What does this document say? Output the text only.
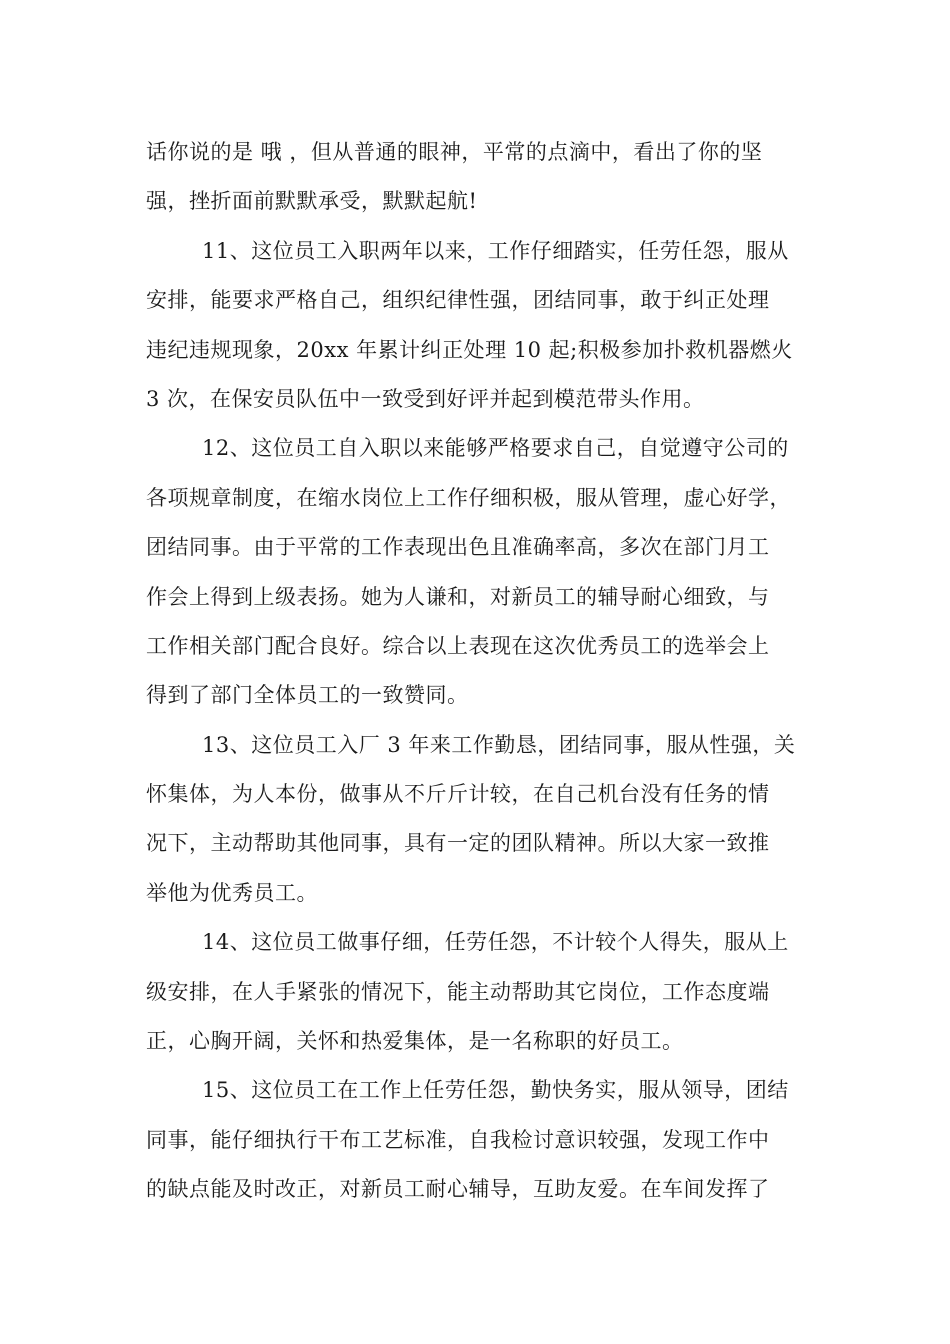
话你说的是 哦 ，但从普通的眼神，平常的点滴中，看出了你的坚
强，挫折面前默默承受，默默起航!
11、这位员工入职两年以来，工作仔细踏实，任劳任怨，服从
安排，能要求严格自己，组织纪律性强，团结同事，敢于纠正处理
违纪违规现象，20xx 年累计纠正处理 10 起;积极参加扑救机器燃火
3 次，在保安员队伍中一致受到好评并起到模范带头作用。
12、这位员工自入职以来能够严格要求自己，自觉遵守公司的
各项规章制度，在缩水岗位上工作仔细积极，服从管理，虚心好学，
团结同事。由于平常的工作表现出色且准确率高，多次在部门月工
作会上得到上级表扬。她为人谦和，对新员工的辅导耐心细致，与
工作相关部门配合良好。综合以上表现在这次优秀员工的选举会上
得到了部门全体员工的一致赞同。
13、这位员工入厂 3 年来工作勤恳，团结同事，服从性强，关
怀集体，为人本份，做事从不斤斤计较，在自己机台没有任务的情
况下，主动帮助其他同事，具有一定的团队精神。所以大家一致推
举他为优秀员工。
14、这位员工做事仔细，任劳任怨，不计较个人得失，服从上
级安排，在人手紧张的情况下，能主动帮助其它岗位，工作态度端
正，心胸开阔，关怀和热爱集体，是一名称职的好员工。
15、这位员工在工作上任劳任怨，勤快务实，服从领导，团结
同事，能仔细执行干布工艺标准，自我检讨意识较强，发现工作中
的缺点能及时改正，对新员工耐心辅导，互助友爱。在车间发挥了
